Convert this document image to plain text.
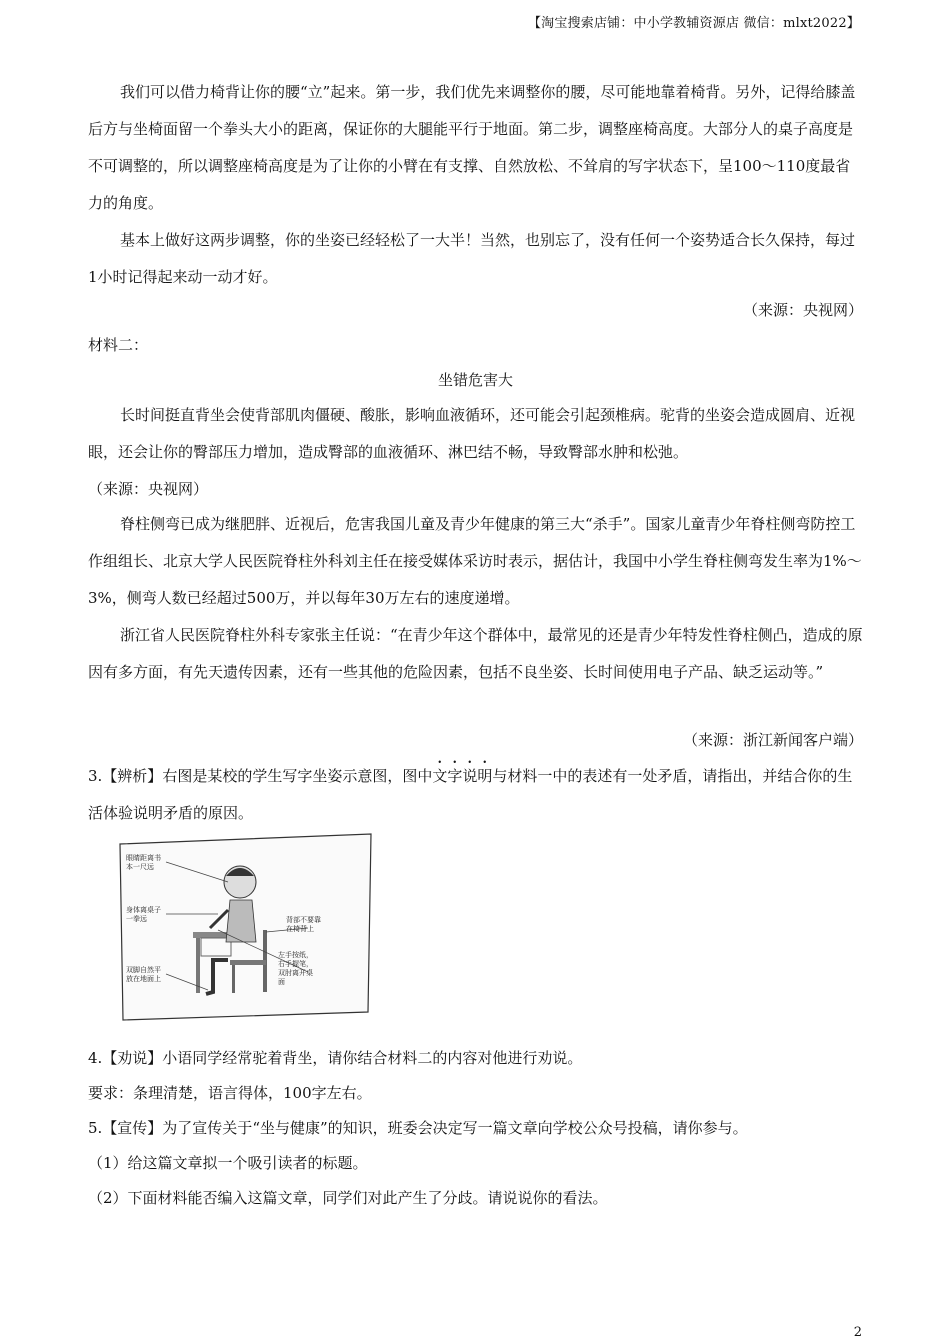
【淘宝搜索店铺：中小学教辅资源店 微信：mlxt2022】

我们可以借力椅背让你的腰“立”起来。第一步，我们优先来调整你的腰，尽可能地靠着椅背。另外，记得给膝盖后方与坐椅面留一个拳头大小的距离，保证你的大腿能平行于地面。第二步，调整座椅高度。大部分人的桌子高度是不可调整的，所以调整座椅高度是为了让你的小臂在有支撑、自然放松、不耸肩的写字状态下，呈100～110度最省力的角度。

基本上做好这两步调整，你的坐姿已经轻松了一大半！当然，也别忘了，没有任何一个姿势适合长久保持，每过1小时记得起来动一动才好。

（来源：央视网）

材料二：

坐错危害大

长时间挺直背坐会使背部肌肉僵硬、酸胀，影响血液循环，还可能会引起颈椎病。驼背的坐姿会造成圆肩、近视眼，还会让你的臀部压力增加，造成臀部的血液循环、淋巴结不畅，导致臀部水肿和松弛。

（来源：央视网）

脊柱侧弯已成为继肥胖、近视后，危害我国儿童及青少年健康的第三大“杀手”。国家儿童青少年脊柱侧弯防控工作组组长、北京大学人民医院脊柱外科刘主任在接受媒体采访时表示，据估计，我国中小学生脊柱侧弯发生率为1%～3%，侧弯人数已经超过500万，并以每年30万左右的速度递增。

浙江省人民医院脊柱外科专家张主任说：“在青少年这个群体中，最常见的还是青少年特发性脊柱侧凸，造成的原因有多方面，有先天遗传因素，还有一些其他的危险因素，包括不良坐姿、长时间使用电子产品、缺乏运动等。”

（来源：浙江新闻客户端）

3.【辨析】右图是某校的学生写字坐姿示意图，图中文字说明与材料一中的表述有一处矛盾，请指出，并结合你的生活体验说明矛盾的原因。

眼睛距离书本一尺远
身体离桌子一拳远	背部不要靠在椅背上
双脚自然平放在地面上
左手按纸，右手握笔，双肘离开桌面

4.【劝说】小语同学经常驼着背坐，请你结合材料二的内容对他进行劝说。

要求：条理清楚，语言得体，100字左右。

5.【宣传】为了宣传关于“坐与健康”的知识，班委会决定写一篇文章向学校公众号投稿，请你参与。

（1）给这篇文章拟一个吸引读者的标题。

（2）下面材料能否编入这篇文章，同学们对此产生了分歧。请说说你的看法。

2
